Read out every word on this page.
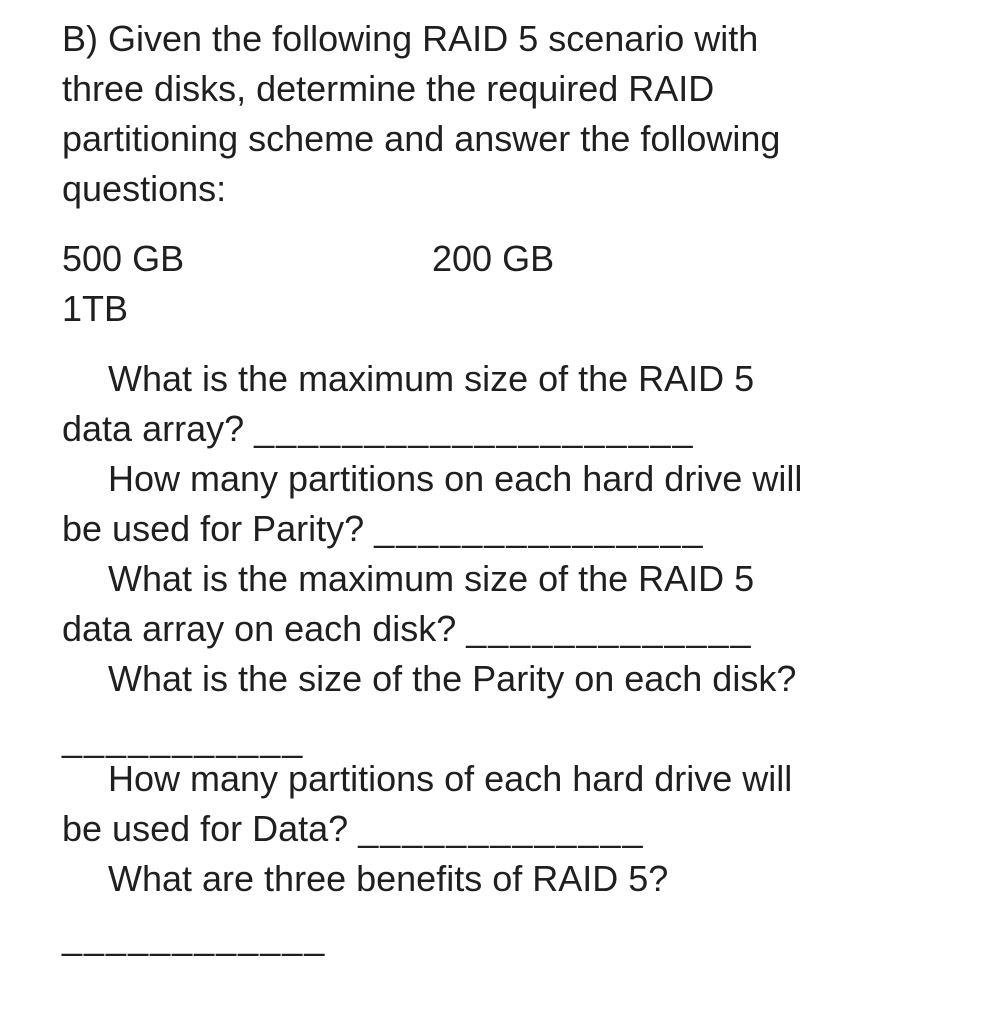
B) Given the following RAID 5 scenario with
three disks, determine the required RAID
partitioning scheme and answer the following
questions:
500 GB	200 GB
1TB
What is the maximum size of the RAID 5
data array? ____________________
How many partitions on each hard drive will
be used for Parity? _______________
What is the maximum size of the RAID 5
data array on each disk? _____________
What is the size of the Parity on each disk?
___________
How many partitions of each hard drive will
be used for Data? _____________
What are three benefits of RAID 5?
____________
